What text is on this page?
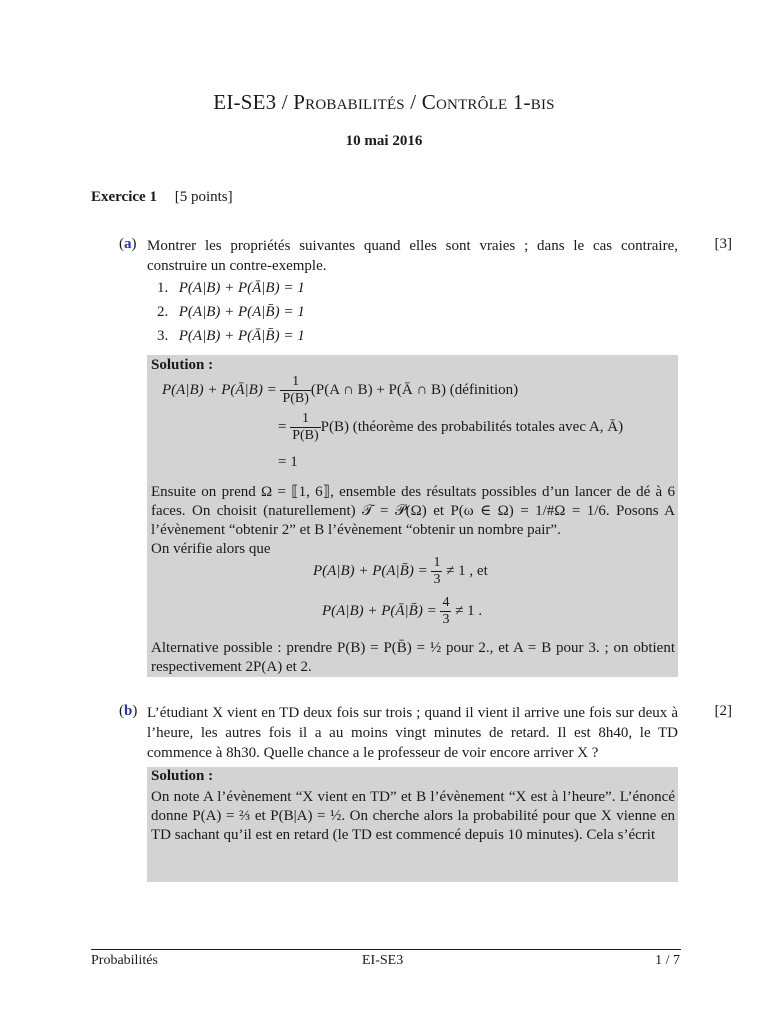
EI-SE3 / Probabilités / Contrôle 1-bis
10 mai 2016
Exercice 1 [5 points]
(a)	[3]
Montrer les propriétés suivantes quand elles sont vraies ; dans le cas contraire, construire un contre-exemple.
1. P(A|B) + P(Ā|B) = 1
2. P(A|B) + P(A|B̄) = 1
3. P(A|B) + P(Ā|B̄) = 1
Solution :
P(A|B) + P(Ā|B) = $\frac{1}{P(B)} (P(A$ ∩ B) + P(Ā ∩ B) (définition)
= $\frac{1}{P(B)} P(B)$ (théorème des probabilités totales avec A, Ā)
= 1
Ensuite on prend Ω = ⟦1, 6⟧, ensemble des résultats possibles d’un lancer de dé à 6 faces. On choisit (naturellement) 𝒯 = 𝒫(Ω) et P(ω ∈ Ω) = 1/#Ω = 1/6. Posons A l’évènement “obtenir 2” et B l’évènement “obtenir un nombre pair”.
On vérifie alors que
P(A|B) + P(A|B̄) = $\frac{1}{3} \ne 1$ , et
P(A|B) + P(Ā|B̄) = $\frac{4}{3} \ne 1$ .
Alternative possible : prendre P(B) = P(B̄) = ½ pour 2., et A = B pour 3. ; on obtient respectivement 2P(A) et 2.
(b)	[2]
L’étudiant X vient en TD deux fois sur trois ; quand il vient il arrive une fois sur deux à l’heure, les autres fois il a au moins vingt minutes de retard. Il est 8h40, le TD commence à 8h30. Quelle chance a le professeur de voir encore arriver X ?
Solution :
On note A l’évènement “X vient en TD” et B l’évènement “X est à l’heure”. L’énoncé donne P(A) = ⅔ et P(B|A) = ½. On cherche alors la probabilité pour que X vienne en TD sachant qu’il est en retard (le TD est commencé depuis 10 minutes). Cela s’écrit
Probabilités	EI-SE3	1 / 7
